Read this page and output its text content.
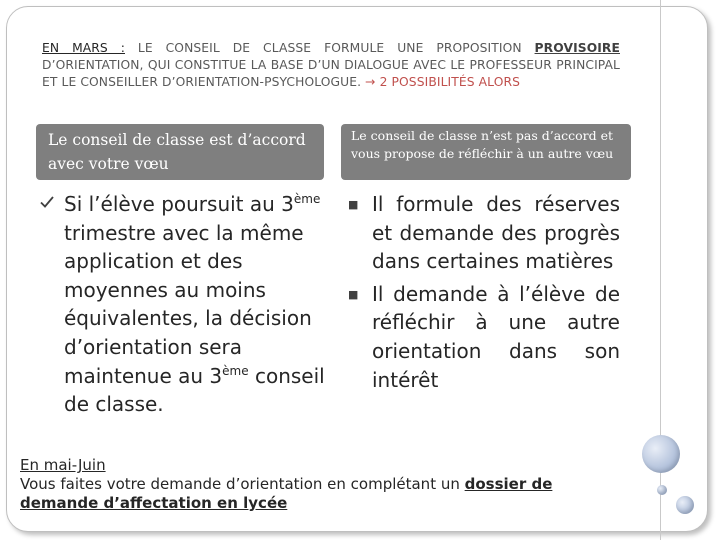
EN MARS : LE CONSEIL DE CLASSE FORMULE UNE PROPOSITION PROVISOIRE D’ORIENTATION, QUI CONSTITUE LA BASE D’UN DIALOGUE AVEC LE PROFESSEUR PRINCIPAL ET LE CONSEILLER D’ORIENTATION-PSYCHOLOGUE. → 2 POSSIBILITÉS ALORS
Le conseil de classe est d’accord avec votre vœu
Le conseil de classe n’est pas d’accord et vous propose de réfléchir à un autre vœu
Si l’élève poursuit au 3ème trimestre avec la même application et des moyennes au moins équivalentes, la décision d’orientation sera maintenue au 3ème conseil de classe.
■ Il formule des réserves et demande des progrès dans certaines matières
■ Il demande à l’élève de réfléchir à une autre orientation dans son intérêt
En mai-Juin
Vous faites votre demande d’orientation en complétant un dossier de demande d’affectation en lycée
